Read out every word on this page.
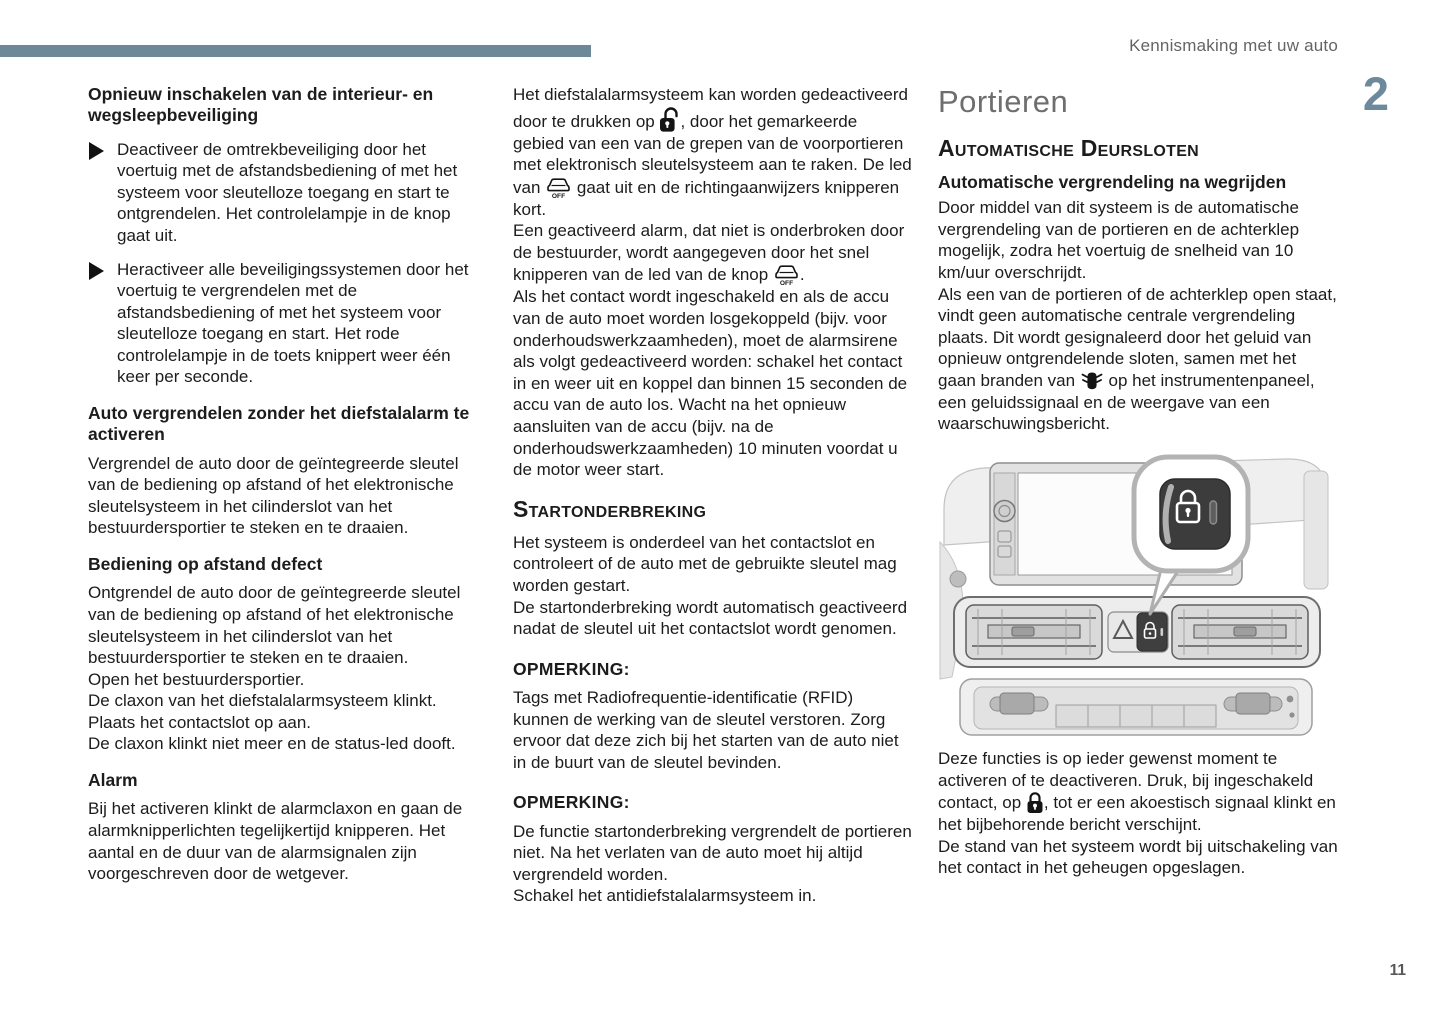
Kennismaking met uw auto
2
Opnieuw inschakelen van de interieur- en wegsleepbeveiliging

Deactiveer de omtrekbeveiliging door het voertuig met de afstandsbediening of met het systeem voor sleutelloze toegang en start te ontgrendelen. Het controlelampje in de knop gaat uit.

Heractiveer alle beveiligingssystemen door het voertuig te vergrendelen met de afstandsbediening of met het systeem voor sleutelloze toegang en start. Het rode controlelampje in de toets knippert weer één keer per seconde.

Auto vergrendelen zonder het diefstalalarm te activeren

Vergrendel de auto door de geïntegreerde sleutel van de bediening op afstand of het elektronische sleutelsysteem in het cilinderslot van het bestuurdersportier te steken en te draaien.

Bediening op afstand defect

Ontgrendel de auto door de geïntegreerde sleutel van de bediening op afstand of het elektronische sleutelsysteem in het cilinderslot van het bestuurdersportier te steken en te draaien.
Open het bestuurdersportier.
De claxon van het diefstalalarmsysteem klinkt.
Plaats het contactslot op aan.
De claxon klinkt niet meer en de status-led dooft.

Alarm

Bij het activeren klinkt de alarmclaxon en gaan de alarmknipperlichten tegelijkertijd knipperen. Het aantal en de duur van de alarmsignalen zijn voorgeschreven door de wetgever.

Het diefstalalarmsysteem kan worden gedeactiveerd door te drukken op , door het gemarkeerde gebied van een van de grepen van de voorportieren met elektronisch sleutelsysteem aan te raken. De led van OFF gaat uit en de richtingaanwijzers knipperen kort.
Een geactiveerd alarm, dat niet is onderbroken door de bestuurder, wordt aangegeven door het snel knipperen van de led van de knop OFF .
Als het contact wordt ingeschakeld en als de accu van de auto moet worden losgekoppeld (bijv. voor onderhoudswerkzaamheden), moet de alarmsirene als volgt gedeactiveerd worden: schakel het contact in en weer uit en koppel dan binnen 15 seconden de accu van de auto los. Wacht na het opnieuw aansluiten van de accu (bijv. na de onderhoudswerkzaamheden) 10 minuten voordat u de motor weer start.

Startonderbreking

Het systeem is onderdeel van het contactslot en controleert of de auto met de gebruikte sleutel mag worden gestart.
De startonderbreking wordt automatisch geactiveerd nadat de sleutel uit het contactslot wordt genomen.

OPMERKING:

Tags met Radiofrequentie-identificatie (RFID) kunnen de werking van de sleutel verstoren. Zorg ervoor dat deze zich bij het starten van de auto niet in de buurt van de sleutel bevinden.

OPMERKING:

De functie startonderbreking vergrendelt de portieren niet. Na het verlaten van de auto moet hij altijd vergrendeld worden.
Schakel het antidiefstalalarmsysteem in.

Portieren
Automatische Deursloten
Automatische vergrendeling na wegrijden

Door middel van dit systeem is de automatische vergrendeling van de portieren en de achterklep mogelijk, zodra het voertuig de snelheid van 10 km/uur overschrijdt.
Als een van de portieren of de achterklep open staat, vindt geen automatische centrale vergrendeling plaats. Dit wordt gesignaleerd door het geluid van opnieuw ontgrendelende sloten, samen met het gaan branden van  op het instrumentenpaneel, een geluidssignaal en de weergave van een waarschuwingsbericht.

Deze functies is op ieder gewenst moment te activeren of te deactiveren. Druk, bij ingeschakeld contact, op , tot er een akoestisch signaal klinkt en het bijbehorende bericht verschijnt.
De stand van het systeem wordt bij uitschakeling van het contact in het geheugen opgeslagen.

11
